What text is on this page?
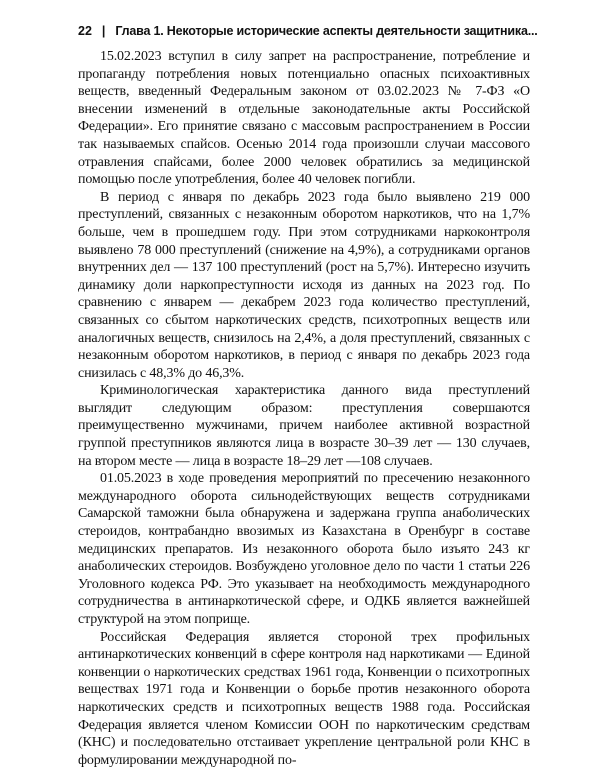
22 | Глава 1. Некоторые исторические аспекты деятельности защитника...

15.02.2023 вступил в силу запрет на распространение, потребление и пропаганду потребления новых потенциально опасных психоактивных веществ, введенный Федеральным законом от 03.02.2023 № 7-ФЗ «О внесении изменений в отдельные законодательные акты Российской Федерации». Его принятие связано с массовым распространением в России так называемых спайсов. Осенью 2014 года произошли случаи массового отравления спайсами, более 2000 человек обратились за медицинской помощью после употребления, более 40 человек погибли.

В период с января по декабрь 2023 года было выявлено 219 000 преступлений, связанных с незаконным оборотом наркотиков, что на 1,7% больше, чем в прошедшем году. При этом сотрудниками наркоконтроля выявлено 78 000 преступлений (снижение на 4,9%), а сотрудниками органов внутренних дел — 137 100 преступлений (рост на 5,7%). Интересно изучить динамику доли наркопреступности исходя из данных на 2023 год. По сравнению с январем — декабрем 2023 года количество преступлений, связанных со сбытом наркотических средств, психотропных веществ или аналогичных веществ, снизилось на 2,4%, а доля преступлений, связанных с незаконным оборотом наркотиков, в период с января по декабрь 2023 года снизилась с 48,3% до 46,3%.

Криминологическая характеристика данного вида преступлений выглядит следующим образом: преступления совершаются преимущественно мужчинами, причем наиболее активной возрастной группой преступников являются лица в возрасте 30–39 лет — 130 случаев, на втором месте — лица в возрасте 18–29 лет —108 случаев.

01.05.2023 в ходе проведения мероприятий по пресечению незаконного международного оборота сильнодействующих веществ сотрудниками Самарской таможни была обнаружена и задержана группа анаболических стероидов, контрабандно ввозимых из Казахстана в Оренбург в составе медицинских препаратов. Из незаконного оборота было изъято 243 кг анаболических стероидов. Возбуждено уголовное дело по части 1 статьи 226 Уголовного кодекса РФ. Это указывает на необходимость международного сотрудничества в антинаркотической сфере, и ОДКБ является важнейшей структурой на этом поприще.

Российская Федерация является стороной трех профильных антинаркотических конвенций в сфере контроля над наркотиками — Единой конвенции о наркотических средствах 1961 года, Конвенции о психотропных веществах 1971 года и Конвенции о борьбе против незаконного оборота наркотических средств и психотропных веществ 1988 года. Российская Федерация является членом Комиссии ООН по наркотическим средствам (КНС) и последовательно отстаивает укрепление центральной роли КНС в формулировании международной по-
